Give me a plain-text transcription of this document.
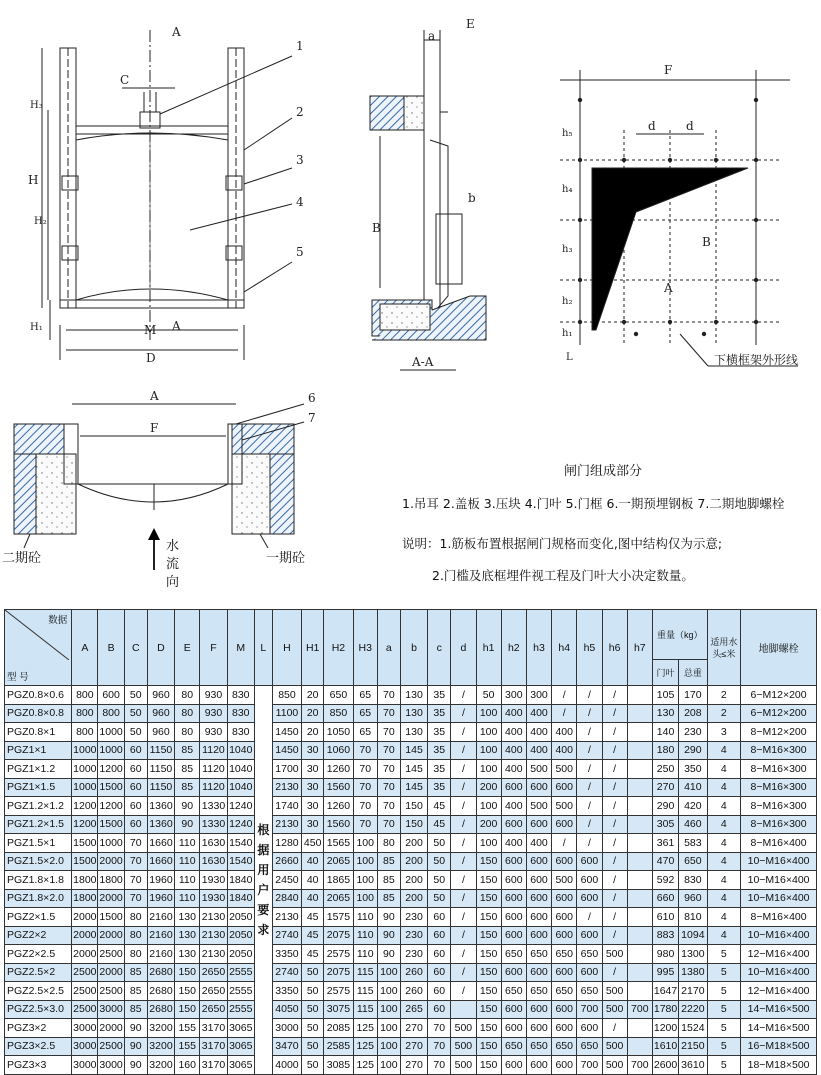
A
A
C
H
H₂
H₃
H₁	M
D
1
2
3
4
5
a
E
b
B
A-A
F
d	d
h₅
h₄
h₃
h₂
h₁
L
A
B
下横框架外形线
A
F
6
7
二期砼	一期砼
水
流
向
闸门组成部分
1.吊耳 2.盖板 3.压块 4.门叶 5.门框 6.一期预埋钢板 7.二期地脚螺栓
说明：1.筋板布置根据闸门规格而变化,图中结构仅为示意;
2.门槛及底框埋件视工程及门叶大小决定数量。
数据
型 号	A	B	C	D	E	F	M	L	H	H1	H2	H3	a	b	c	d	h1	h2	h3	h4	h5	h6	h7	重量（kg）		适用水头≤米	地脚螺栓
																								门叶	总重		
PGZ0.8×0.6	800	600	50	960	80	930	830	根 据 用 户 要 求	850	20	650	65	70	130	35	/	50	300	300	/	/	/		105	170	2	6−M12×200
PGZ0.8×0.8	800	800	50	960	80	930	830		1100	20	850	65	70	130	35	/	100	400	400	/	/	/		130	208	2	6−M12×200
PGZ0.8×1	800	1000	50	960	80	930	830		1450	20	1050	65	70	130	35	/	100	400	400	400	/	/		140	230	3	8−M12×200
PGZ1×1	1000	1000	60	1150	85	1120	1040		1450	30	1060	70	70	145	35	/	100	400	400	400	/	/		180	290	4	8−M16×300
PGZ1×1.2	1000	1200	60	1150	85	1120	1040		1700	30	1260	70	70	145	35	/	100	400	500	500	/	/		250	350	4	8−M16×300
PGZ1×1.5	1000	1500	60	1150	85	1120	1040		2130	30	1560	70	70	145	35	/	200	600	600	600	/	/		270	410	4	8−M16×300
PGZ1.2×1.2	1200	1200	60	1360	90	1330	1240		1740	30	1260	70	70	150	45	/	100	400	500	500	/	/		290	420	4	8−M16×300
PGZ1.2×1.5	1200	1500	60	1360	90	1330	1240		2130	30	1560	70	70	150	45	/	200	600	600	600	/	/		305	460	4	8−M16×300
PGZ1.5×1	1500	1000	70	1660	110	1630	1540		1280	450	1565	100	80	200	50	/	100	400	400	/	/	/		361	583	4	8−M16×400
PGZ1.5×2.0	1500	2000	70	1660	110	1630	1540		2660	40	2065	100	85	200	50	/	150	600	600	600	600	/		470	650	4	10−M16×400
PGZ1.8×1.8	1800	1800	70	1960	110	1930	1840		2450	40	1865	100	85	200	50	/	150	600	600	500	600	/		592	830	4	10−M16×400
PGZ1.8×2.0	1800	2000	70	1960	110	1930	1840		2840	40	2065	100	85	200	50	/	150	600	600	600	600	/		660	960	4	10−M16×400
PGZ2×1.5	2000	1500	80	2160	130	2130	2050		2130	45	1575	110	90	230	60	/	150	600	600	600	/	/		610	810	4	8−M16×400
PGZ2×2	2000	2000	80	2160	130	2130	2050		2740	45	2075	110	90	230	60	/	150	600	600	600	600	/		883	1094	4	10−M16×400
PGZ2×2.5	2000	2500	80	2160	130	2130	2050		3350	45	2575	110	90	230	60	/	150	650	650	650	650	500		980	1300	5	12−M16×400
PGZ2.5×2	2500	2000	85	2680	150	2650	2555		2740	50	2075	115	100	260	60	/	150	600	600	600	600	/		995	1380	5	10−M16×400
PGZ2.5×2.5	2500	2500	85	2680	150	2650	2555		3350	50	2575	115	100	260	60	/	150	650	650	650	650	500		1647	2170	5	12−M16×400
PGZ2.5×3.0	2500	3000	85	2680	150	2650	2555		4050	50	3075	115	100	265	60		150	600	600	600	700	500	700	1780	2220	5	14−M16×500
PGZ3×2	3000	2000	90	3200	155	3170	3065		3000	50	2085	125	100	270	70	500	150	600	600	600	600	/		1200	1524	5	14−M16×500
PGZ3×2.5	3000	2500	90	3200	155	3170	3065		3470	50	2585	125	100	270	70	500	150	650	650	650	650	500		1610	2150	5	16−M18×500
PGZ3×3	3000	3000	90	3200	160	3170	3065		4000	50	3085	125	100	270	70	500	150	600	600	600	700	500	700	2600	3610	5	18−M18×500
